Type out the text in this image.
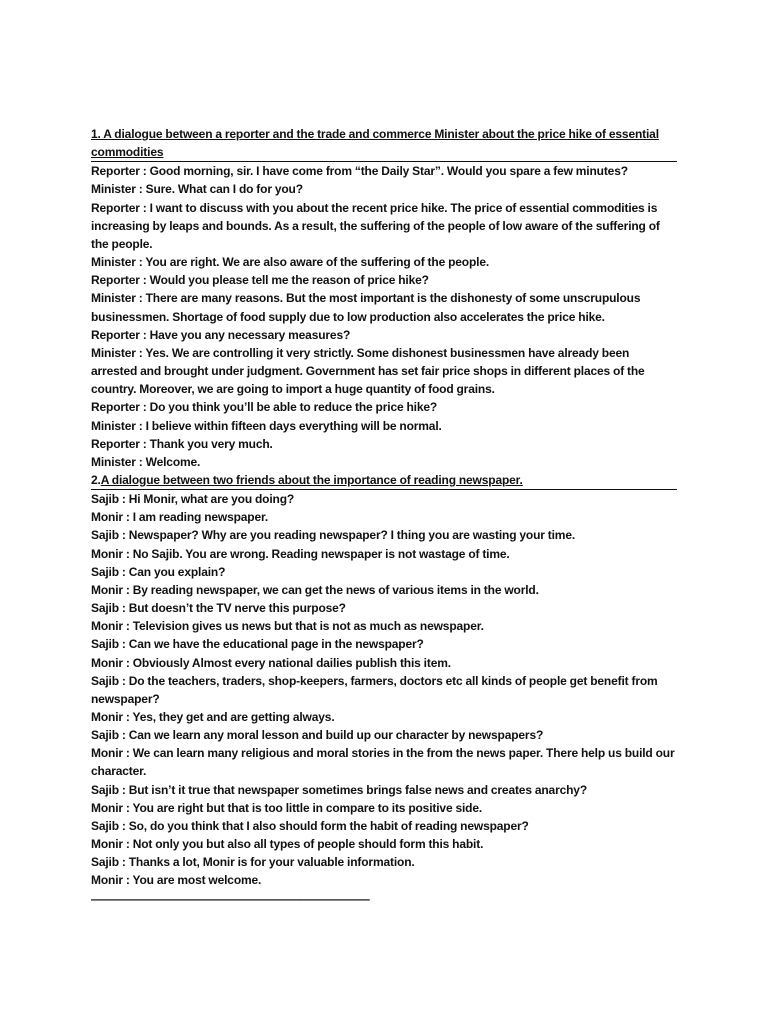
1. A dialogue between a reporter and the trade and commerce Minister about the price hike of essential commodities
Reporter : Good morning, sir. I have come from “the Daily Star”. Would you spare a few minutes?
Minister : Sure. What can I do for you?
Reporter : I want to discuss with you about the recent price hike. The price of essential commodities is increasing by leaps and bounds. As a result, the suffering of the people of low aware of the suffering of the people.
Minister : You are right. We are also aware of the suffering of the people.
Reporter : Would you please tell me the reason of price hike?
Minister : There are many reasons. But the most important is the dishonesty of some unscrupulous businessmen. Shortage of food supply due to low production also accelerates the price hike.
Reporter : Have you any necessary measures?
Minister : Yes. We are controlling it very strictly. Some dishonest businessmen have already been arrested and brought under judgment. Government has set fair price shops in different places of the country. Moreover, we are going to import a huge quantity of food grains.
Reporter : Do you think you’ll be able to reduce the price hike?
Minister : I believe within fifteen days everything will be normal.
Reporter : Thank you very much.
Minister : Welcome.
2.A dialogue between two friends about the importance of reading newspaper.
Sajib : Hi Monir, what are you doing?
Monir : I am reading newspaper.
Sajib : Newspaper? Why are you reading newspaper? I thing you are wasting your time.
Monir : No Sajib. You are wrong. Reading newspaper is not wastage of time.
Sajib : Can you explain?
Monir : By reading newspaper, we can get the news of various items in the world.
Sajib : But doesn’t the TV nerve this purpose?
Monir : Television gives us news but that is not as much as newspaper.
Sajib : Can we have the educational page in the newspaper?
Monir : Obviously Almost every national dailies publish this item.
Sajib : Do the teachers, traders, shop-keepers, farmers, doctors etc all kinds of people get benefit from newspaper?
Monir : Yes, they get and are getting always.
Sajib : Can we learn any moral lesson and build up our character by newspapers?
Monir : We can learn many religious and moral stories in the from the news paper. There help us build our character.
Sajib : But isn’t it true that newspaper sometimes brings false news and creates anarchy?
Monir : You are right but that is too little in compare to its positive side.
Sajib : So, do you think that I also should form the habit of reading newspaper?
Monir : Not only you but also all types of people should form this habit.
Sajib : Thanks a lot, Monir is for your valuable information.
Monir : You are most welcome.
————————————————————————
